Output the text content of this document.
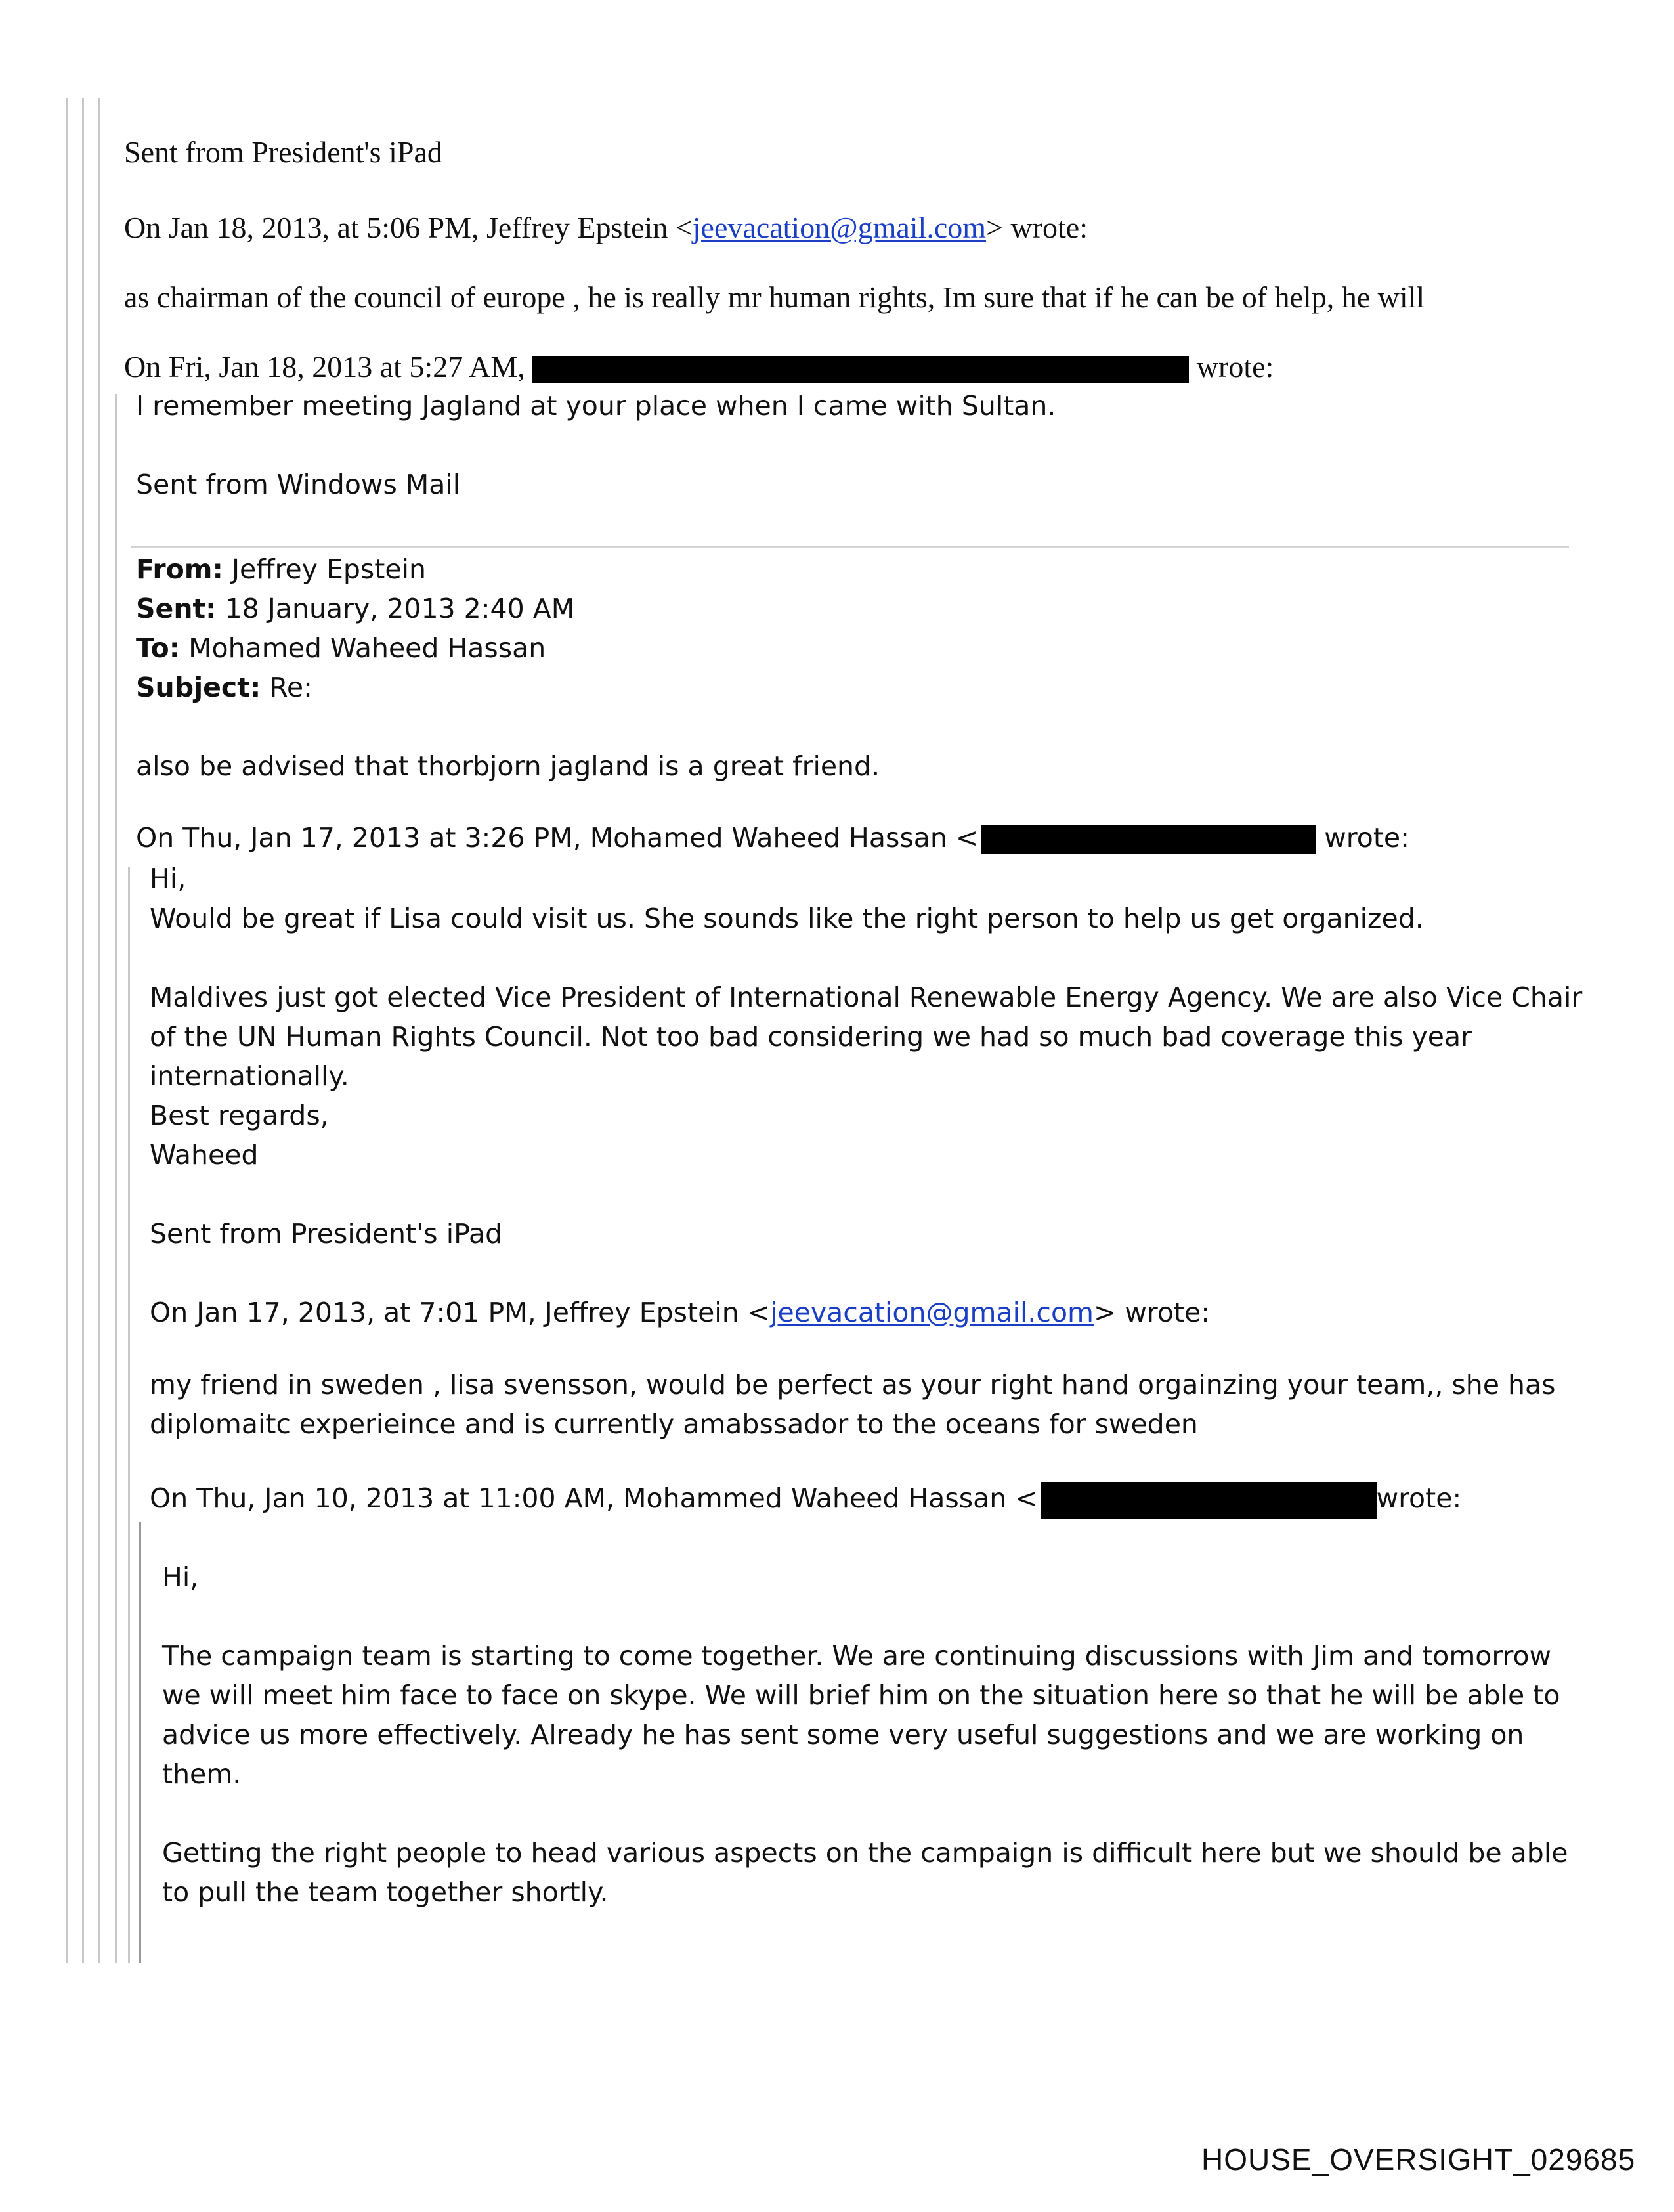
Sent from President's iPad

On Jan 18, 2013, at 5:06 PM, Jeffrey Epstein <jeevacation@gmail.com> wrote:

as chairman of the council of europe , he is really mr human rights, Im sure that if he can be of help, he will

On Fri, Jan 18, 2013 at 5:27 AM,	wrote:

I remember meeting Jagland at your place when I came with Sultan.

Sent from Windows Mail

From: Jeffrey Epstein

Sent: 18 January, 2013 2:40 AM

To: Mohamed Waheed Hassan

Subject: Re:

also be advised that thorbjorn jagland is a great friend.

On Thu, Jan 17, 2013 at 3:26 PM, Mohamed Waheed Hassan <	wrote:

Hi,

Would be great if Lisa could visit us. She sounds like the right person to help us get organized.

Maldives just got elected Vice President of International Renewable Energy Agency. We are also Vice Chair

of the UN Human Rights Council. Not too bad considering we had so much bad coverage this year

internationally.

Best regards,

Waheed

Sent from President's iPad

On Jan 17, 2013, at 7:01 PM, Jeffrey Epstein <jeevacation@gmail.com> wrote:

my friend in sweden , lisa svensson, would be perfect as your right hand orgainzing your team,, she has

diplomaitc experieince and is currently amabssador to the oceans for sweden

On Thu, Jan 10, 2013 at 11:00 AM, Mohammed Waheed Hassan <	wrote:

Hi,

The campaign team is starting to come together. We are continuing discussions with Jim and tomorrow

we will meet him face to face on skype. We will brief him on the situation here so that he will be able to

advice us more effectively. Already he has sent some very useful suggestions and we are working on

them.

Getting the right people to head various aspects on the campaign is difficult here but we should be able

to pull the team together shortly.

HOUSE_OVERSIGHT_029685
